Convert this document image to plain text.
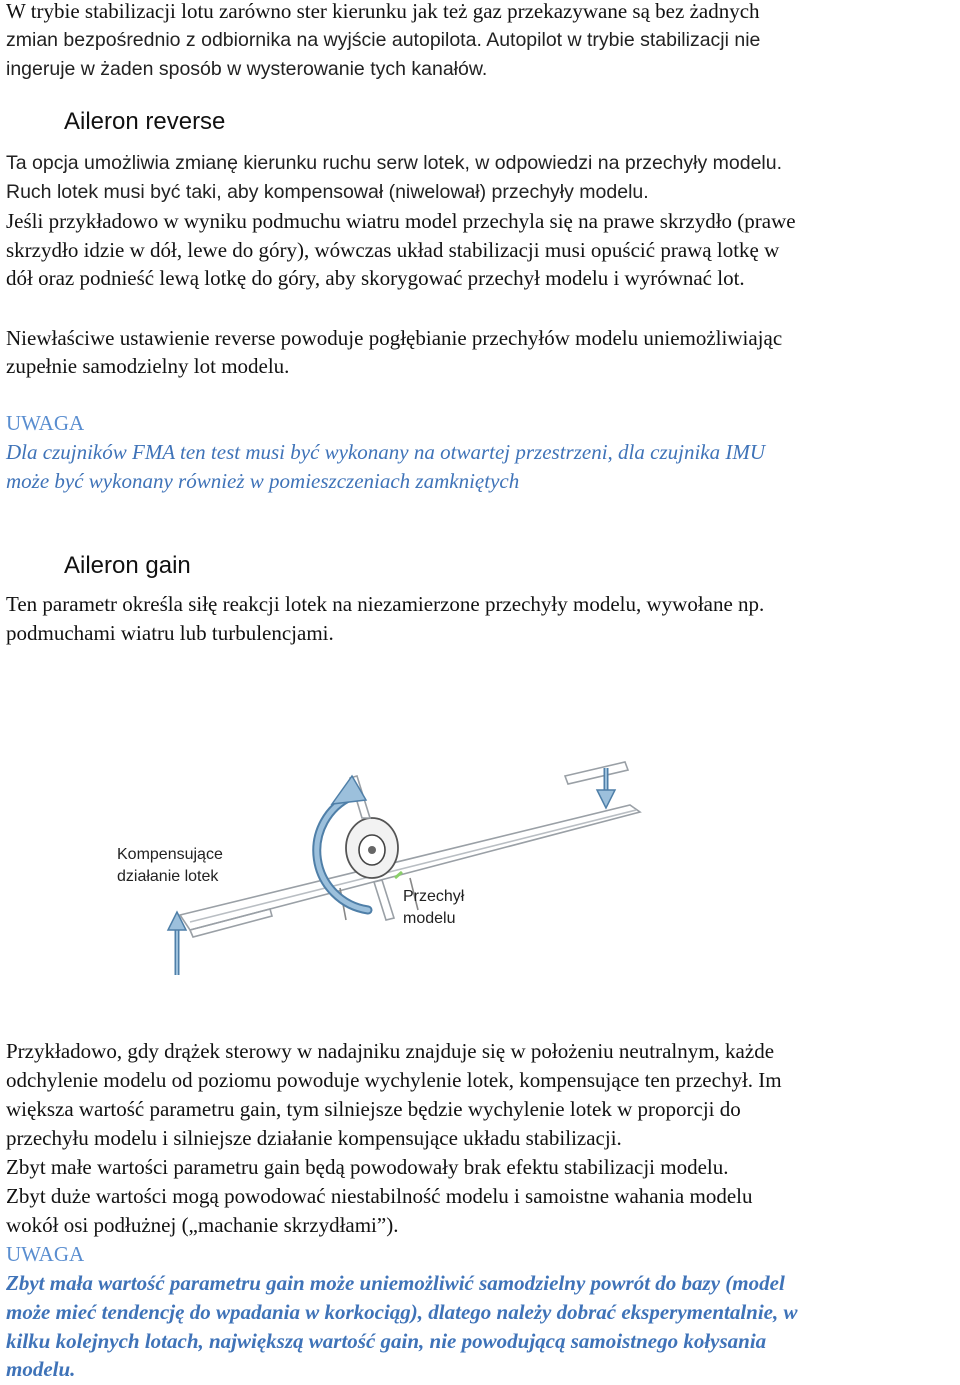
W trybie stabilizacji lotu zarówno ster kierunku jak też gaz przekazywane są bez żadnych

zmian bezpośrednio z odbiornika na wyjście autopilota. Autopilot w trybie stabilizacji nie

ingeruje w żaden sposób w wysterowanie tych kanałów.

Aileron reverse

Ta opcja umożliwia zmianę kierunku ruchu serw lotek, w odpowiedzi na przechyły modelu.

Ruch lotek musi być taki, aby kompensował (niwelował) przechyły modelu.

Jeśli przykładowo w wyniku podmuchu wiatru model przechyla się na prawe skrzydło (prawe

skrzydło idzie w dół, lewe do góry), wówczas układ stabilizacji musi opuścić prawą lotkę w

dół oraz podnieść lewą lotkę do góry, aby skorygować przechył modelu i wyrównać lot.

Niewłaściwe ustawienie reverse powoduje pogłębianie przechyłów modelu uniemożliwiając

zupełnie samodzielny lot modelu.

UWAGA

Dla czujników FMA ten test musi być wykonany na otwartej przestrzeni, dla czujnika IMU

może być wykonany również w pomieszczeniach zamkniętych

Aileron gain

Ten parametr określa siłę reakcji lotek na niezamierzone przechyły modelu, wywołane np.

podmuchami wiatru lub turbulencjami.

Kompensujące
działanie lotek
Przechył
modelu

Przykładowo, gdy drążek sterowy w nadajniku znajduje się w położeniu neutralnym, każde

odchylenie modelu od poziomu powoduje wychylenie lotek, kompensujące ten przechył. Im

większa wartość parametru gain, tym silniejsze będzie wychylenie lotek w proporcji do

przechyłu modelu i silniejsze działanie kompensujące układu stabilizacji.

Zbyt małe wartości parametru gain będą powodowały brak efektu stabilizacji modelu.

Zbyt duże wartości mogą powodować niestabilność modelu i samoistne wahania modelu

wokół osi podłużnej („machanie skrzydłami”).

UWAGA

Zbyt mała wartość parametru gain może uniemożliwić samodzielny powrót do bazy (model

może mieć tendencję do wpadania w korkociąg), dlatego należy dobrać eksperymentalnie, w

kilku kolejnych lotach, największą wartość gain, nie powodującą samoistnego kołysania

modelu.
